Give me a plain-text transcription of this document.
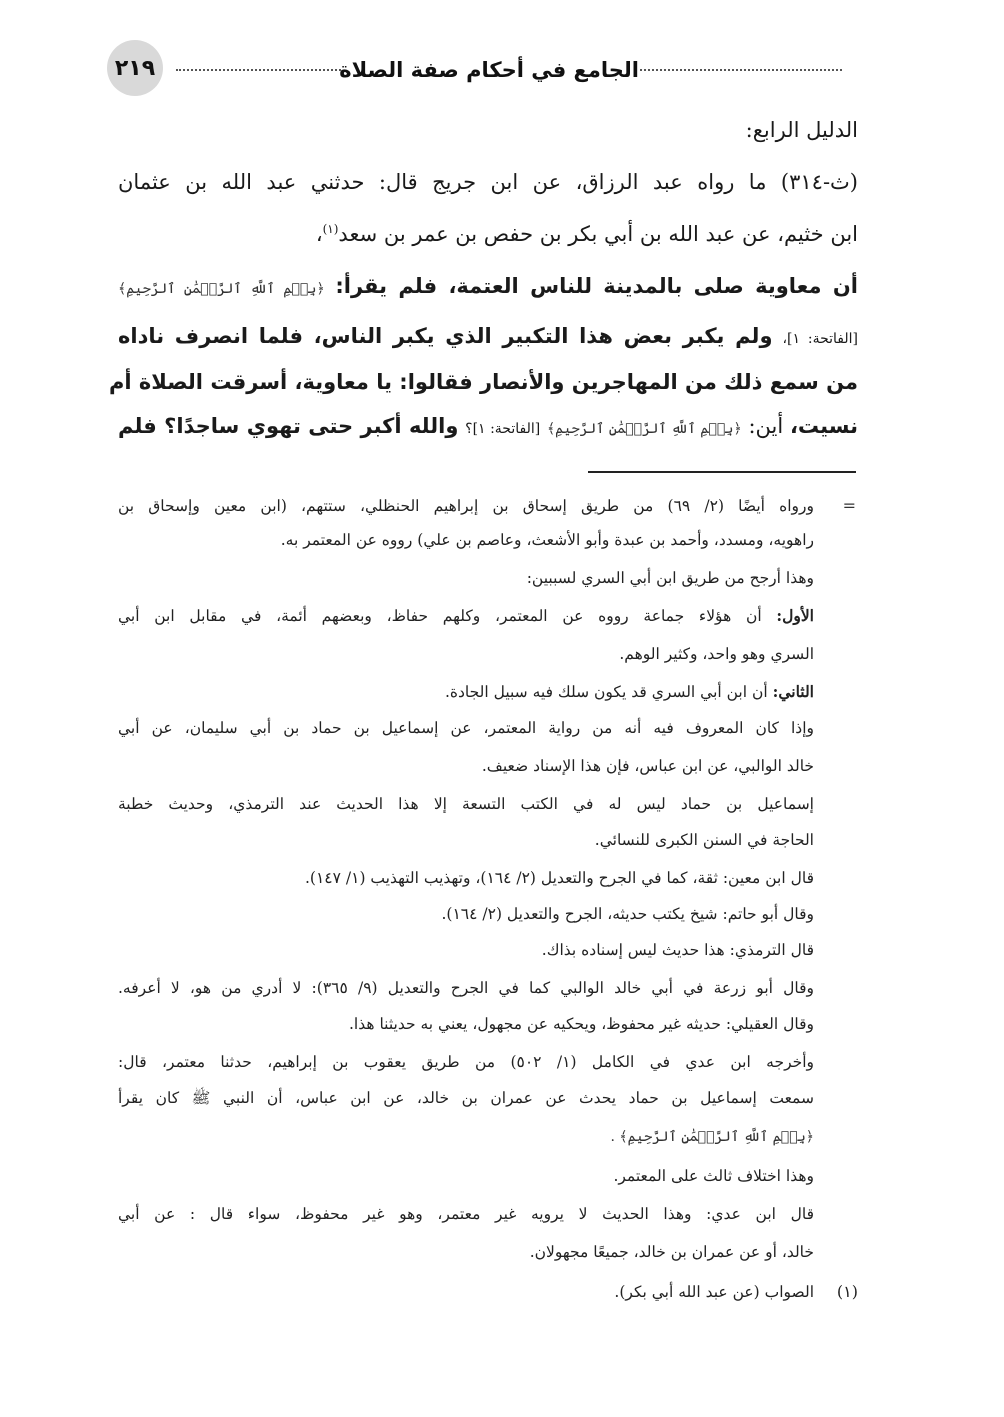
الجامع في أحكام صفة الصلاة
٢١٩
الدليل الرابع:
(ث-٣١٤) ما رواه عبد الرزاق، عن ابن جريج قال: حدثني عبد الله بن عثمان
ابن خثيم، عن عبد الله بن أبي بكر بن حفص بن عمر بن سعد$^{(١)}$،
أن معاوية صلى بالمدينة للناس العتمة، فلم يقرأ: ﴿بِسۡمِ ٱللَّهِ ٱلرَّحۡمَٰنِ ٱلرَّحِيمِ﴾
[الفاتحة: ١]، ولم يكبر بعض هذا التكبير الذي يكبر الناس، فلما انصرف ناداه
من سمع ذلك من المهاجرين والأنصار فقالوا: يا معاوية، أسرقت الصلاة أم
نسيت، أين: ﴿بِسۡمِ ٱللَّهِ ٱلرَّحۡمَٰنِ ٱلرَّحِيمِ﴾ [الفاتحة: ١]؟ والله أكبر حتى تهوي ساجدًا؟ فلم
=
ورواه أيضًا (٢/ ٦٩) من طريق إسحاق بن إبراهيم الحنظلي، ستتهم، (ابن معين وإسحاق بن
راهويه، ومسدد، وأحمد بن عبدة وأبو الأشعث، وعاصم بن علي) رووه عن المعتمر به.
وهذا أرجح من طريق ابن أبي السري لسببين:
الأول: أن هؤلاء جماعة رووه عن المعتمر، وكلهم حفاظ، وبعضهم أئمة، في مقابل ابن أبي
السري وهو واحد، وكثير الوهم.
الثاني: أن ابن أبي السري قد يكون سلك فيه سبيل الجادة.
وإذا كان المعروف فيه أنه من رواية المعتمر، عن إسماعيل بن حماد بن أبي سليمان، عن أبي
خالد الوالبي، عن ابن عباس، فإن هذا الإسناد ضعيف.
إسماعيل بن حماد ليس له في الكتب التسعة إلا هذا الحديث عند الترمذي، وحديث خطبة
الحاجة في السنن الكبرى للنسائي.
قال ابن معين: ثقة، كما في الجرح والتعديل (٢/ ١٦٤)، وتهذيب التهذيب (١/ ١٤٧).
وقال أبو حاتم: شيخ يكتب حديثه، الجرح والتعديل (٢/ ١٦٤).
قال الترمذي: هذا حديث ليس إسناده بذاك.
وقال أبو زرعة في أبي خالد الوالبي كما في الجرح والتعديل (٩/ ٣٦٥): لا أدري من هو، لا أعرفه.
وقال العقيلي: حديثه غير محفوظ، ويحكيه عن مجهول، يعني به حديثنا هذا.
وأخرجه ابن عدي في الكامل (١/ ٥٠٢) من طريق يعقوب بن إبراهيم، حدثنا معتمر، قال:
سمعت إسماعيل بن حماد يحدث عن عمران بن خالد، عن ابن عباس، أن النبي ﷺ كان يقرأ
﴿بِسۡمِ ٱللَّهِ ٱلرَّحۡمَٰنِ ٱلرَّحِيمِ﴾ .
وهذا اختلاف ثالث على المعتمر.
قال ابن عدي: وهذا الحديث لا يرويه غير معتمر، وهو غير محفوظ، سواء قال : عن أبي
خالد، أو عن عمران بن خالد، جميعًا مجهولان.
(١)
الصواب (عن عبد الله أبي بكر).
